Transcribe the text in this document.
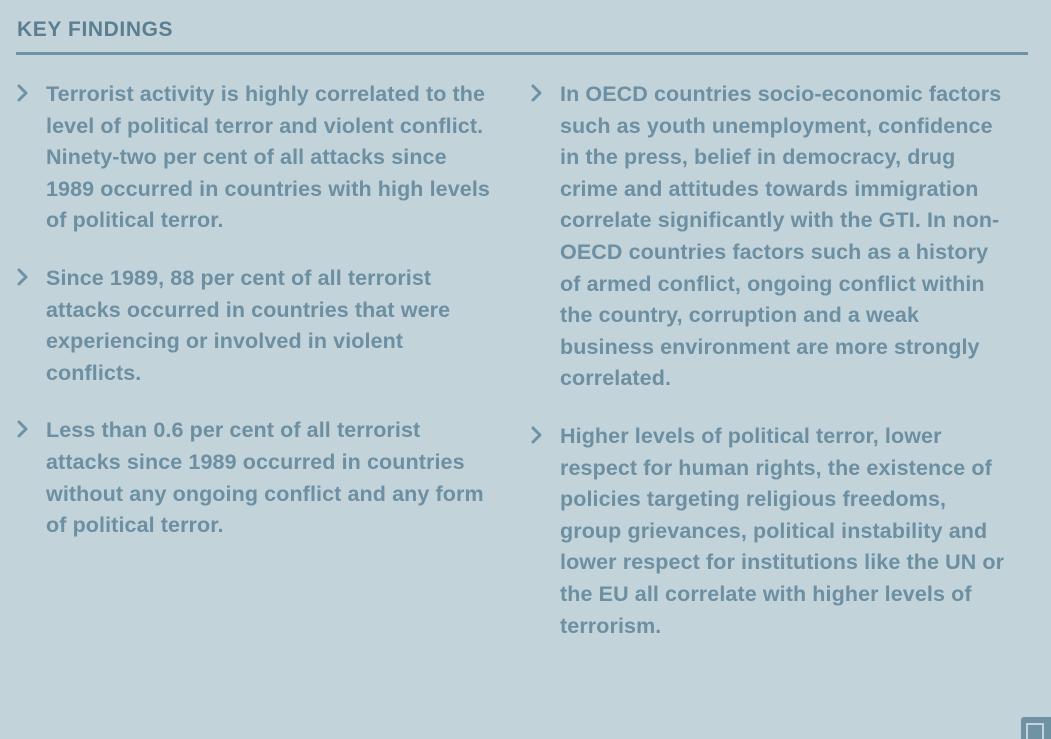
KEY FINDINGS
Terrorist activity is highly correlated to the level of political terror and violent conflict. Ninety-two per cent of all attacks since 1989 occurred in countries with high levels of political terror.
Since 1989, 88 per cent of all terrorist attacks occurred in countries that were experiencing or involved in violent conflicts.
Less than 0.6 per cent of all terrorist attacks since 1989 occurred in countries without any ongoing conflict and any form of political terror.
In OECD countries socio-economic factors such as youth unemployment, confidence in the press, belief in democracy, drug crime and attitudes towards immigration correlate significantly with the GTI. In non-OECD countries factors such as a history of armed conflict, ongoing conflict within the country, corruption and a weak business environment are more strongly correlated.
Higher levels of political terror, lower respect for human rights, the existence of policies targeting religious freedoms, group grievances, political instability and lower respect for institutions like the UN or the EU all correlate with higher levels of terrorism.
